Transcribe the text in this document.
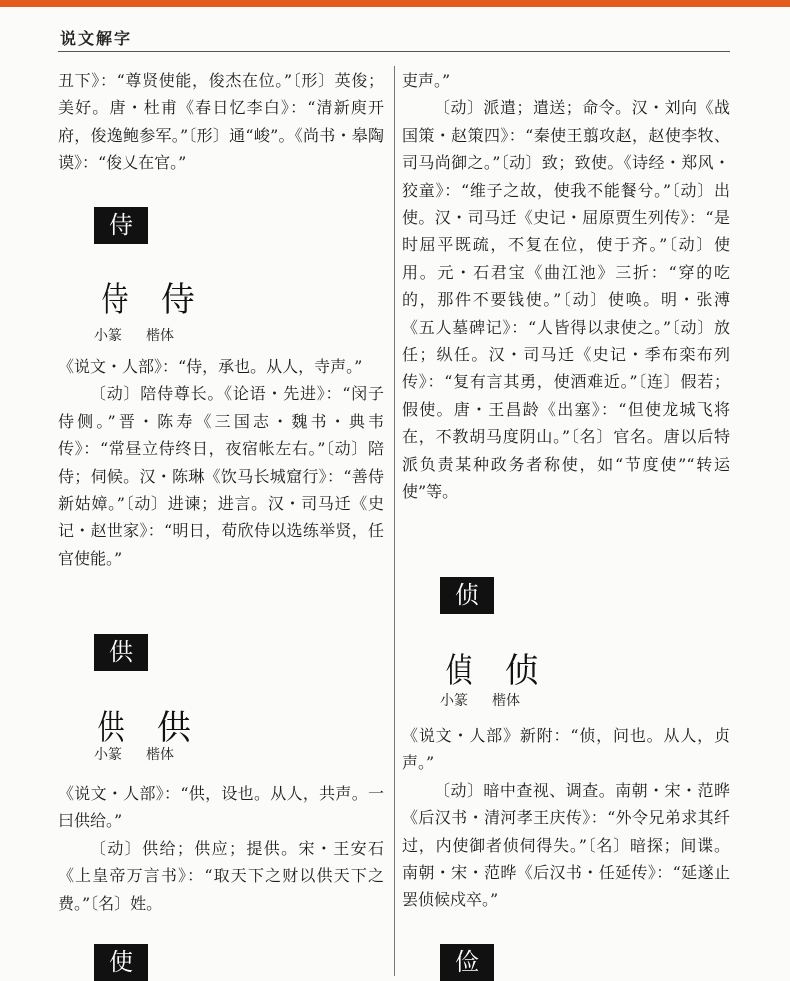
说文解字

丑下》：“尊贤使能，俊杰在位。”〔形〕英俊；美好。唐・杜甫《春日忆李白》：“清新庾开府，俊逸鲍参军。”〔形〕通“峻”。《尚书・皋陶谟》：“俊乂在官。”

侍
侍 侍
小篆 楷体

《说文・人部》：“侍，承也。从人，寺声。”

〔动〕陪侍尊长。《论语・先进》：“闵子侍侧。”晋・陈寿《三国志・魏书・典韦传》：“常昼立侍终日，夜宿帐左右。”〔动〕陪侍；伺候。汉・陈琳《饮马长城窟行》：“善侍新姑嫜。”〔动〕进谏；进言。汉・司马迁《史记・赵世家》：“明日，荀欣侍以选练举贤，任官使能。”

供
供 供
小篆 楷体

《说文・人部》：“供，设也。从人，共声。一曰供给。”

〔动〕供给；供应；提供。宋・王安石《上皇帝万言书》：“取天下之财以供天下之费。”〔名〕姓。

使

吏声。”

〔动〕派遣；遣送；命令。汉・刘向《战国策・赵策四》：“秦使王翦攻赵，赵使李牧、司马尚御之。”〔动〕致；致使。《诗经・郑风・狡童》：“维子之故，使我不能餐兮。”〔动〕出使。汉・司马迁《史记・屈原贾生列传》：“是时屈平既疏，不复在位，使于齐。”〔动〕使用。元・石君宝《曲江池》三折：“穿的吃的，那件不要钱使。”〔动〕使唤。明・张溥《五人墓碑记》：“人皆得以隶使之。”〔动〕放任；纵任。汉・司马迁《史记・季布栾布列传》：“复有言其勇，使酒难近。”〔连〕假若；假使。唐・王昌龄《出塞》：“但使龙城飞将在，不教胡马度阴山。”〔名〕官名。唐以后特派负责某种政务者称使，如“节度使”“转运使”等。

侦
偵 侦
小篆 楷体

《说文・人部》新附：“侦，问也。从人，贞声。”

〔动〕暗中查视、调查。南朝・宋・范晔《后汉书・清河孝王庆传》：“外令兄弟求其纤过，内使御者侦伺得失。”〔名〕暗探；间谍。南朝・宋・范晔《后汉书・任延传》：“延遂止罢侦候戍卒。”

俭
